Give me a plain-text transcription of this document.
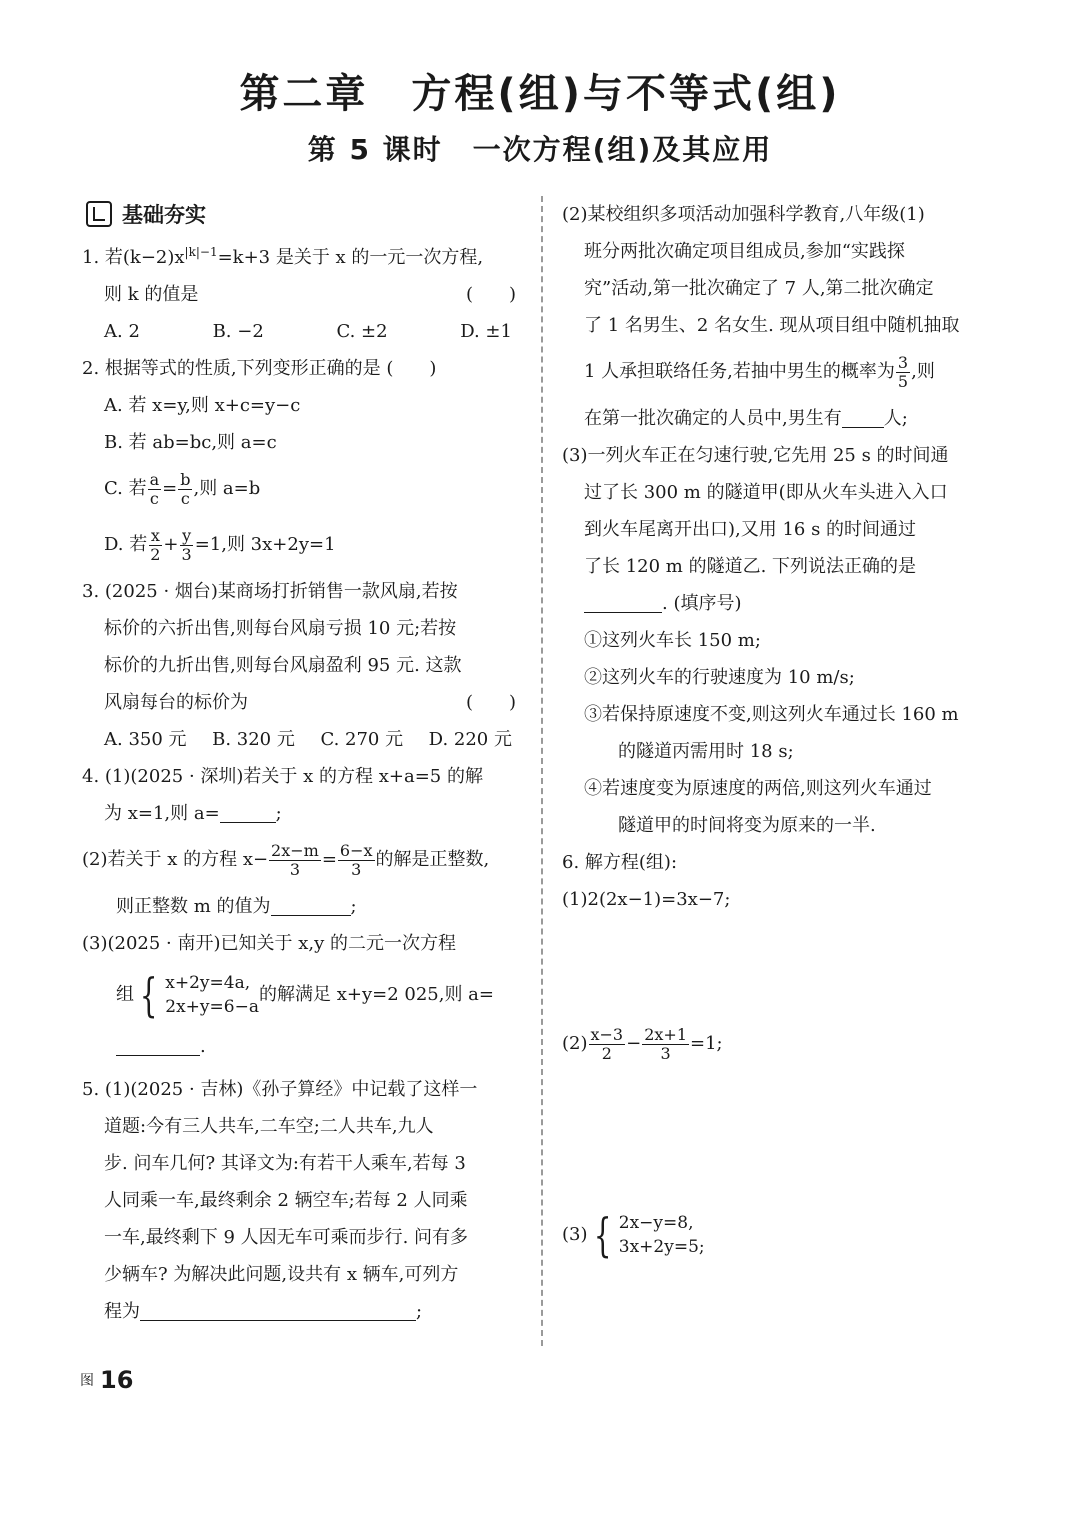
第二章　方程(组)与不等式(组)
第 5 课时　一次方程(组)及其应用
基础夯实
1. 若$(k-2)x^{|k|-1}=k+3$ 是关于 x 的一元一次方程,
则 k 的值是	(　　)
A. 2	B. −2	C. ±2	D. ±1
2. 根据等式的性质,下列变形正确的是 (　　)
A. 若 x=y,则 x+c=y−c
B. 若 ab=bc,则 a=c
C. 若 $\frac{a}{c} = \frac{b}{c}$ ,则 a=b
D. 若 $\frac{x}{2} + \frac{y}{3} =1$,则 3x+2y=1
3. (2025 · 烟台)某商场打折销售一款风扇,若按
标价的六折出售,则每台风扇亏损 10 元;若按
标价的九折出售,则每台风扇盈利 95 元. 这款
风扇每台的标价为	(　　)
A. 350 元 B. 320 元 C. 270 元 D. 220 元
4. (1)(2025 · 深圳)若关于 x 的方程 x+a=5 的解
为 x=1,则 a=	;
(2)若关于 x 的方程 $x- \frac{2x-m}{3} = \frac{6-x}{3}$ 的解是正整数,
则正整数 m 的值为	;
(3)(2025 · 南开)已知关于 x,y 的二元一次方程
组 { x+2y=4a,
2x+y=6−a
的解满足 x+y=2 025,则 a=
.
5. (1)(2025 · 吉林)《孙子算经》中记载了这样一
道题:今有三人共车,二车空;二人共车,九人
步. 问车几何? 其译文为:有若干人乘车,若每 3
人同乘一车,最终剩余 2 辆空车;若每 2 人同乘
一车,最终剩下 9 人因无车可乘而步行. 问有多
少辆车? 为解决此问题,设共有 x 辆车,可列方
程为	;
(2)某校组织多项活动加强科学教育,八年级(1)
班分两批次确定项目组成员,参加“实践探
究”活动,第一批次确定了 7 人,第二批次确定
了 1 名男生、2 名女生. 现从项目组中随机抽取
1 人承担联络任务,若抽中男生的概率为 $\frac{3}{5}$ ,则
在第一批次确定的人员中,男生有 人;
(3)一列火车正在匀速行驶,它先用 25 s 的时间通
过了长 300 m 的隧道甲(即从火车头进入入口
到火车尾离开出口),又用 16 s 的时间通过
了长 120 m 的隧道乙. 下列说法正确的是
. (填序号)
①这列火车长 150 m;
②这列火车的行驶速度为 10 m/s;
③若保持原速度不变,则这列火车通过长 160 m
的隧道丙需用时 18 s;
④若速度变为原速度的两倍,则这列火车通过
隧道甲的时间将变为原来的一半.
6. 解方程(组):
(1)2(2x−1)=3x−7;
$(2) \frac{x-3}{2} - \frac{2x+1}{3} =1$;
(3) { 2x−y=8,
3x+2y=5;
图 16
